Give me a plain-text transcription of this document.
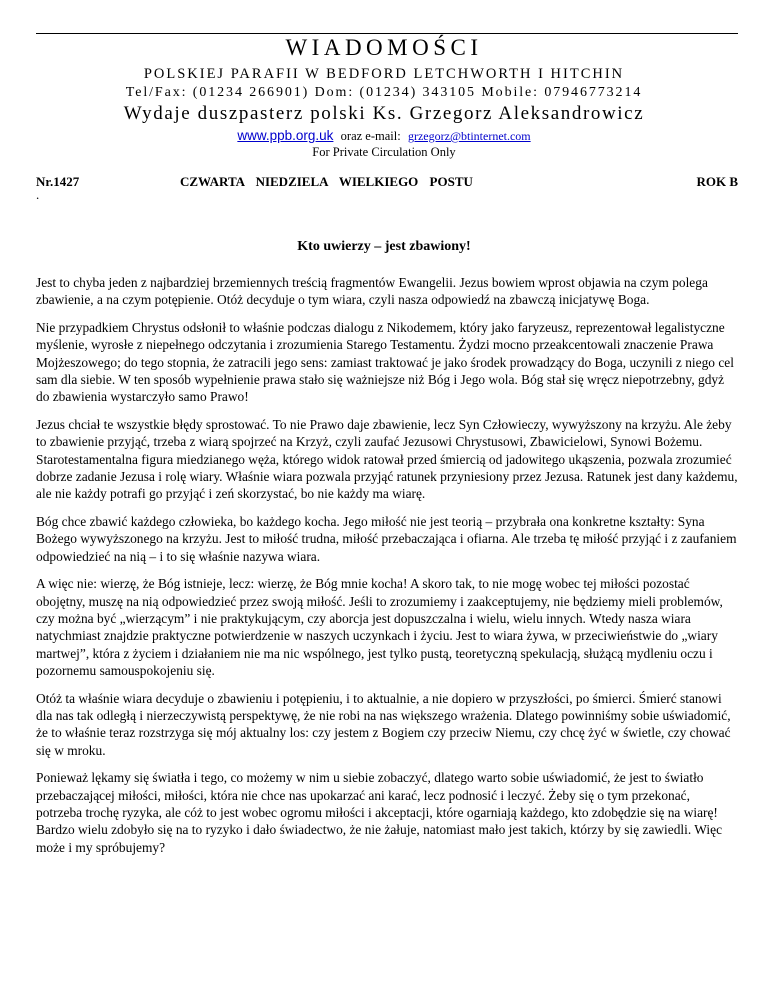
WIADOMOŚCI
POLSKIEJ PARAFII W BEDFORD LETCHWORTH I HITCHIN
Tel/Fax: (01234 266901) Dom: (01234) 343105 Mobile: 07946773214
Wydaje duszpasterz polski Ks. Grzegorz Aleksandrowicz
www.ppb.org.uk oraz e-mail: grzegorz@btinternet.com
For Private Circulation Only
Nr.1427	CZWARTA NIEDZIELA WIELKIEGO POSTU	ROK B
.
Kto uwierzy – jest zbawiony!

Jest to chyba jeden z najbardziej brzemiennych treścią fragmentów Ewangelii. Jezus bowiem wprost objawia na czym polega zbawienie, a na czym potępienie. Otóż decyduje o tym wiara, czyli nasza odpowiedź na zbawczą inicjatywę Boga.

Nie przypadkiem Chrystus odsłonił to właśnie podczas dialogu z Nikodemem, który jako faryzeusz, reprezentował legalistyczne myślenie, wyrosłe z niepełnego odczytania i zrozumienia Starego Testamentu. Żydzi mocno przeakcentowali znaczenie Prawa Mojżeszowego; do tego stopnia, że zatracili jego sens: zamiast traktować je jako środek prowadzący do Boga, uczynili z niego cel sam dla siebie. W ten sposób wypełnienie prawa stało się ważniejsze niż Bóg i Jego wola. Bóg stał się wręcz niepotrzebny, gdyż do zbawienia wystarczyło samo Prawo!

Jezus chciał te wszystkie błędy sprostować. To nie Prawo daje zbawienie, lecz Syn Człowieczy, wywyższony na krzyżu. Ale żeby to zbawienie przyjąć, trzeba z wiarą spojrzeć na Krzyż, czyli zaufać Jezusowi Chrystusowi, Zbawicielowi, Synowi Bożemu. Starotestamentalna figura miedzianego węża, którego widok ratował przed śmiercią od jadowitego ukąszenia, pozwala zrozumieć dobrze zadanie Jezusa i rolę wiary. Właśnie wiara pozwala przyjąć ratunek przyniesiony przez Jezusa. Ratunek jest dany każdemu, ale nie każdy potrafi go przyjąć i zeń skorzystać, bo nie każdy ma wiarę.

Bóg chce zbawić każdego człowieka, bo każdego kocha. Jego miłość nie jest teorią – przybrała ona konkretne kształty: Syna Bożego wywyższonego na krzyżu. Jest to miłość trudna, miłość przebaczająca i ofiarna. Ale trzeba tę miłość przyjąć i z zaufaniem odpowiedzieć na nią – i to się właśnie nazywa wiara.

A więc nie: wierzę, że Bóg istnieje, lecz: wierzę, że Bóg mnie kocha! A skoro tak, to nie mogę wobec tej miłości pozostać obojętny, muszę na nią odpowiedzieć przez swoją miłość. Jeśli to zrozumiemy i zaakceptujemy, nie będziemy mieli problemów, czy można być „wierzącym” i nie praktykującym, czy aborcja jest dopuszczalna i wielu, wielu innych. Wtedy nasza wiara natychmiast znajdzie praktyczne potwierdzenie w naszych uczynkach i życiu. Jest to wiara żywa, w przeciwieństwie do „wiary martwej”, która z życiem i działaniem nie ma nic wspólnego, jest tylko pustą, teoretyczną spekulacją, służącą mydleniu oczu i pozornemu samouspokojeniu się.

Otóż ta właśnie wiara decyduje o zbawieniu i potępieniu, i to aktualnie, a nie dopiero w przyszłości, po śmierci. Śmierć stanowi dla nas tak odległą i nierzeczywistą perspektywę, że nie robi na nas większego wrażenia. Dlatego powinniśmy sobie uświadomić, że to właśnie teraz rozstrzyga się mój aktualny los: czy jestem z Bogiem czy przeciw Niemu, czy chcę żyć w świetle, czy chować się w mroku.

Ponieważ lękamy się światła i tego, co możemy w nim u siebie zobaczyć, dlatego warto sobie uświadomić, że jest to światło przebaczającej miłości, miłości, która nie chce nas upokarzać ani karać, lecz podnosić i leczyć. Żeby się o tym przekonać, potrzeba trochę ryzyka, ale cóż to jest wobec ogromu miłości i akceptacji, które ogarniają każdego, kto zdobędzie się na wiarę! Bardzo wielu zdobyło się na to ryzyko i dało świadectwo, że nie żałuje, natomiast mało jest takich, którzy by się zawiedli. Więc może i my spróbujemy?
